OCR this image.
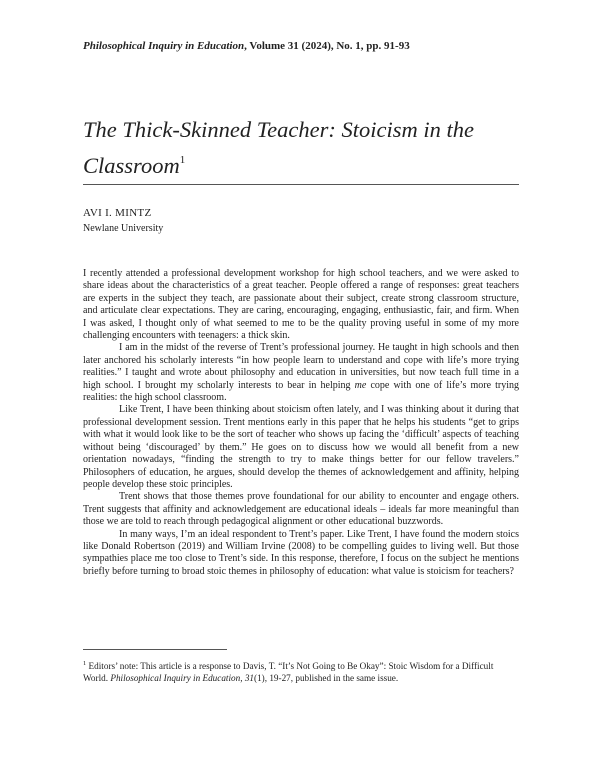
Philosophical Inquiry in Education, Volume 31 (2024), No. 1, pp. 91-93
The Thick-Skinned Teacher: Stoicism in the Classroom$^1$
AVI I. MINTZ
Newlane University

I recently attended a professional development workshop for high school teachers, and we were asked to share ideas about the characteristics of a great teacher. People offered a range of responses: great teachers are experts in the subject they teach, are passionate about their subject, create strong classroom structure, and articulate clear expectations. They are caring, encouraging, engaging, enthusiastic, fair, and firm. When I was asked, I thought only of what seemed to me to be the quality proving useful in some of my more challenging encounters with teenagers: a thick skin.

I am in the midst of the reverse of Trent’s professional journey. He taught in high schools and then later anchored his scholarly interests “in how people learn to understand and cope with life’s more trying realities.” I taught and wrote about philosophy and education in universities, but now teach full time in a high school. I brought my scholarly interests to bear in helping me cope with one of life’s more trying realities: the high school classroom.

Like Trent, I have been thinking about stoicism often lately, and I was thinking about it during that professional development session. Trent mentions early in this paper that he helps his students “get to grips with what it would look like to be the sort of teacher who shows up facing the ‘difficult’ aspects of teaching without being ‘discouraged’ by them.” He goes on to discuss how we would all benefit from a new orientation nowadays, “finding the strength to try to make things better for our fellow travelers.” Philosophers of education, he argues, should develop the themes of acknowledgement and affinity, helping people develop these stoic principles.

Trent shows that those themes prove foundational for our ability to encounter and engage others. Trent suggests that affinity and acknowledgement are educational ideals – ideals far more meaningful than those we are told to reach through pedagogical alignment or other educational buzzwords.

In many ways, I’m an ideal respondent to Trent’s paper. Like Trent, I have found the modern stoics like Donald Robertson (2019) and William Irvine (2008) to be compelling guides to living well. But those sympathies place me too close to Trent’s side. In this response, therefore, I focus on the subject he mentions briefly before turning to broad stoic themes in philosophy of education: what value is stoicism for teachers?

$^1$ Editors’ note: This article is a response to Davis, T. “It’s Not Going to Be Okay”: Stoic Wisdom for a Difficult World. Philosophical Inquiry in Education, 31(1), 19-27, published in the same issue.
